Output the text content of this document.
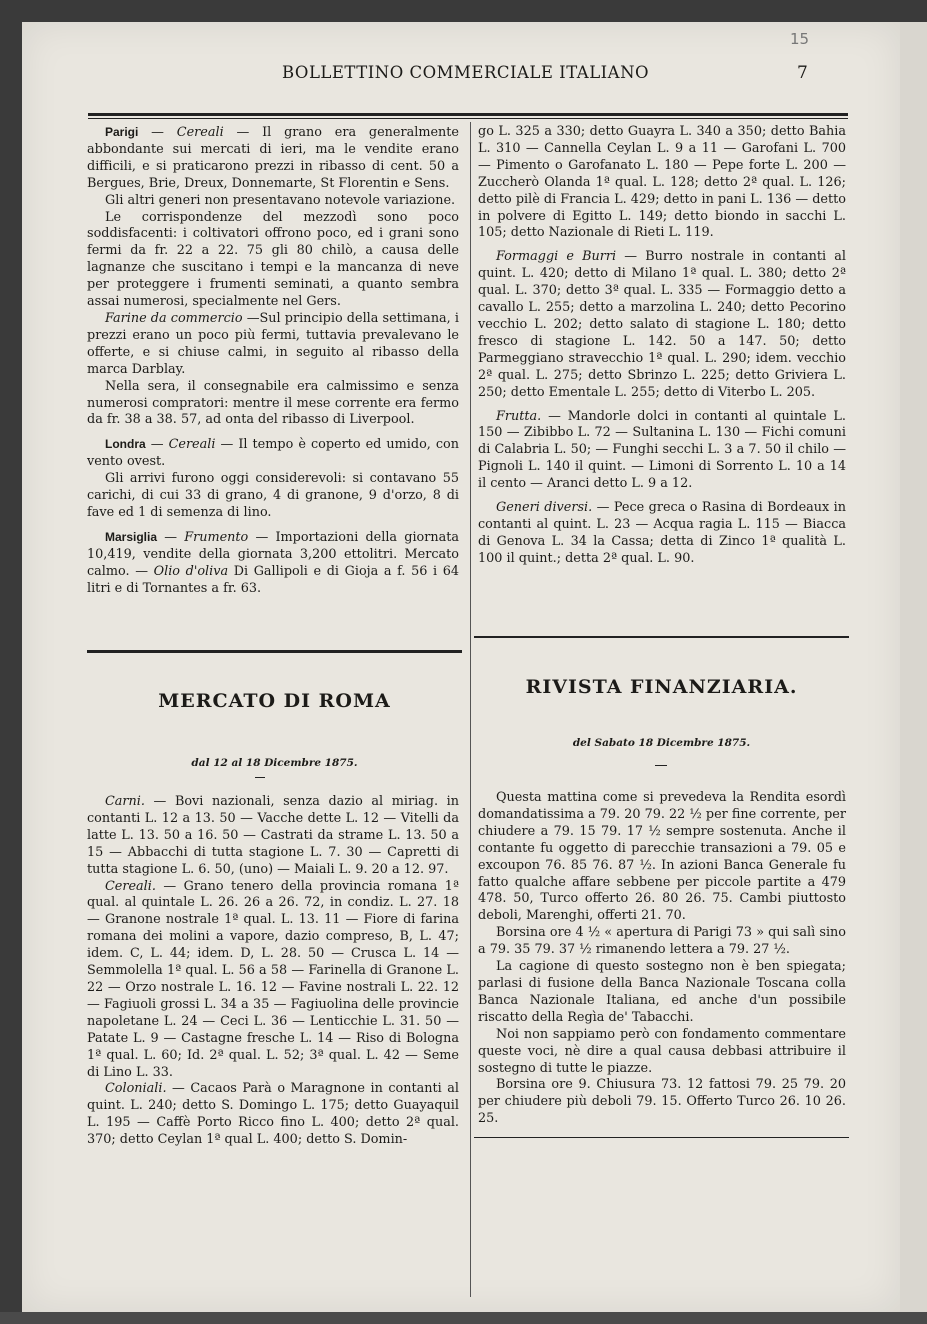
15
BOLLETTINO COMMERCIALE ITALIANO	7

Parigi — Cereali — Il grano era generalmente abbondante sui mercati di ieri, ma le vendite erano difficili, e si praticarono prezzi in ribasso di cent. 50 a Bergues, Brie, Dreux, Donnemarte, St Florentin e Sens.

Gli altri generi non presentavano notevole variazione.

Le corrispondenze del mezzodì sono poco soddisfacenti: i coltivatori offrono poco, ed i grani sono fermi da fr. 22 a 22. 75 gli 80 chilò, a causa delle lagnanze che suscitano i tempi e la mancanza di neve per proteggere i frumenti seminati, a quanto sembra assai numerosi, specialmente nel Gers.

Farine da commercio —Sul principio della settimana, i prezzi erano un poco più fermi, tuttavia prevalevano le offerte, e si chiuse calmi, in seguito al ribasso della marca Darblay.

Nella sera, il consegnabile era calmissimo e senza numerosi compratori: mentre il mese corrente era fermo da fr. 38 a 38. 57, ad onta del ribasso di Liverpool.

Londra — Cereali — Il tempo è coperto ed umido, con vento ovest.

Gli arrivi furono oggi considerevoli: si contavano 55 carichi, di cui 33 di grano, 4 di granone, 9 d'orzo, 8 di fave ed 1 di semenza di lino.

Marsiglia — Frumento — Importazioni della giornata 10,419, vendite della giornata 3,200 ettolitri. Mercato calmo. — Olio d'oliva Di Gallipoli e di Gioja a f. 56 i 64 litri e di Tornantes a fr. 63.

MERCATO DI ROMA
dal 12 al 18 Dicembre 1875.

Carni. — Bovi nazionali, senza dazio al miriag. in contanti L. 12 a 13. 50 — Vacche dette L. 12 — Vitelli da latte L. 13. 50 a 16. 50 — Castrati da strame L. 13. 50 a 15 — Abbacchi di tutta stagione L. 7. 30 — Capretti di tutta stagione L. 6. 50, (uno) — Maiali L. 9. 20 a 12. 97.

Cereali. — Grano tenero della provincia romana 1ª qual. al quintale L. 26. 26 a 26. 72, in condiz. L. 27. 18 — Granone nostrale 1ª qual. L. 13. 11 — Fiore di farina romana dei molini a vapore, dazio compreso, B, L. 47; idem. C, L. 44; idem. D, L. 28. 50 — Crusca L. 14 — Semmolella 1ª qual. L. 56 a 58 — Farinella di Granone L. 22 — Orzo nostrale L. 16. 12 — Favine nostrali L. 22. 12 — Fagiuoli grossi L. 34 a 35 — Fagiuolina delle provincie napoletane L. 24 — Ceci L. 36 — Lenticchie L. 31. 50 — Patate L. 9 — Castagne fresche L. 14 — Riso di Bologna 1ª qual. L. 60; Id. 2ª qual. L. 52; 3ª qual. L. 42 — Seme di Lino L. 33.

Coloniali. — Cacaos Parà o Maragnone in contanti al quint. L. 240; detto S. Domingo L. 175; detto Guayaquil L. 195 — Caffè Porto Ricco fino L. 400; detto 2ª qual. 370; detto Ceylan 1ª qual L. 400; detto S. Domin-

go L. 325 a 330; detto Guayra L. 340 a 350; detto Bahia L. 310 — Cannella Ceylan L. 9 a 11 — Garofani L. 700 — Pimento o Garofanato L. 180 — Pepe forte L. 200 — Zuccherò Olanda 1ª qual. L. 128; detto 2ª qual. L. 126; detto pilè di Francia L. 429; detto in pani L. 136 — detto in polvere di Egitto L. 149; detto biondo in sacchi L. 105; detto Nazionale di Rieti L. 119.

Formaggi e Burri — Burro nostrale in contanti al quint. L. 420; detto di Milano 1ª qual. L. 380; detto 2ª qual. L. 370; detto 3ª qual. L. 335 — Formaggio detto a cavallo L. 255; detto a marzolina L. 240; detto Pecorino vecchio L. 202; detto salato di stagione L. 180; detto fresco di stagione L. 142. 50 a 147. 50; detto Parmeggiano stravecchio 1ª qual. L. 290; idem. vecchio 2ª qual. L. 275; detto Sbrinzo L. 225; detto Griviera L. 250; detto Ementale L. 255; detto di Viterbo L. 205.

Frutta. — Mandorle dolci in contanti al quintale L. 150 — Zibibbo L. 72 — Sultanina L. 130 — Fichi comuni di Calabria L. 50; — Funghi secchi L. 3 a 7. 50 il chilo — Pignoli L. 140 il quint. — Limoni di Sorrento L. 10 a 14 il cento — Aranci detto L. 9 a 12.

Generi diversi. — Pece greca o Rasina di Bordeaux in contanti al quint. L. 23 — Acqua ragia L. 115 — Biacca di Genova L. 34 la Cassa; detta di Zinco 1ª qualità L. 100 il quint.; detta 2ª qual. L. 90.

RIVISTA FINANZIARIA.
del Sabato 18 Dicembre 1875.

Questa mattina come si prevedeva la Rendita esordì domandatissima a 79. 20 79. 22 ½ per fine corrente, per chiudere a 79. 15 79. 17 ½ sempre sostenuta. Anche il contante fu oggetto di parecchie transazioni a 79. 05 e excoupon 76. 85 76. 87 ½. In azioni Banca Generale fu fatto qualche affare sebbene per piccole partite a 479 478. 50, Turco offerto 26. 80 26. 75. Cambi piuttosto deboli, Marenghi, offerti 21. 70.

Borsina ore 4 ½ « apertura di Parigi 73 » qui salì sino a 79. 35 79. 37 ½ rimanendo lettera a 79. 27 ½.

La cagione di questo sostegno non è ben spiegata; parlasi di fusione della Banca Nazionale Toscana colla Banca Nazionale Italiana, ed anche d'un possibile riscatto della Regìa de' Tabacchi.

Noi non sappiamo però con fondamento commentare queste voci, nè dire a qual causa debbasi attribuire il sostegno di tutte le piazze.

Borsina ore 9. Chiusura 73. 12 fattosi 79. 25 79. 20 per chiudere più deboli 79. 15. Offerto Turco 26. 10 26. 25.
